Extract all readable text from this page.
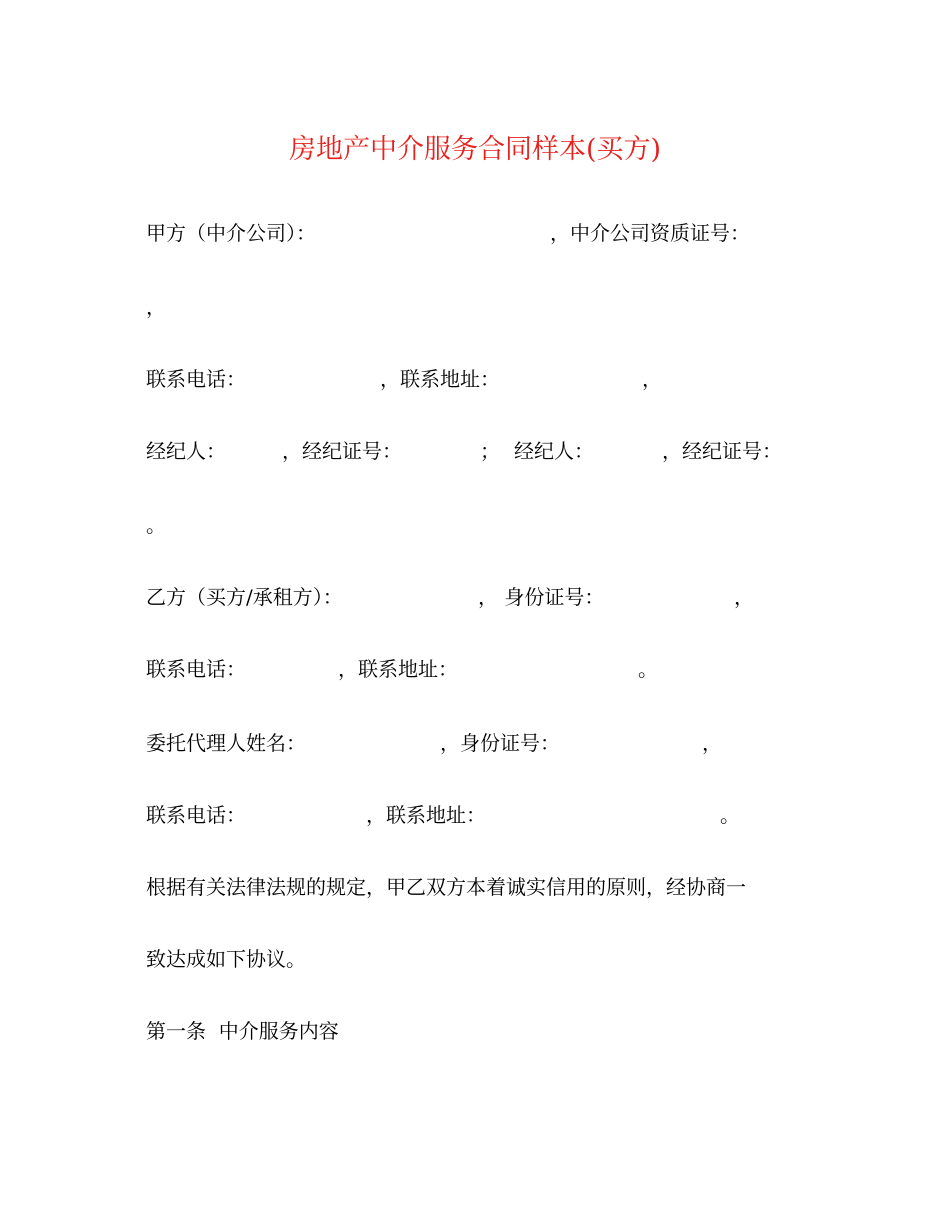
房地产中介服务合同样本(买方)
甲方（中介公司）：	，中介公司资质证号：
，
联系电话：	，联系地址：	，
经纪人：	，经纪证号：	； 经纪人：	，经纪证号：
。
乙方（买方/承租方）：	， 身份证号：	，
联系电话：	，联系地址：	。
委托代理人姓名：	，身份证号：	，
联系电话：	，联系地址：	。
根据有关法律法规的规定，甲乙双方本着诚实信用的原则，经协商一
致达成如下协议。
第一条  中介服务内容
